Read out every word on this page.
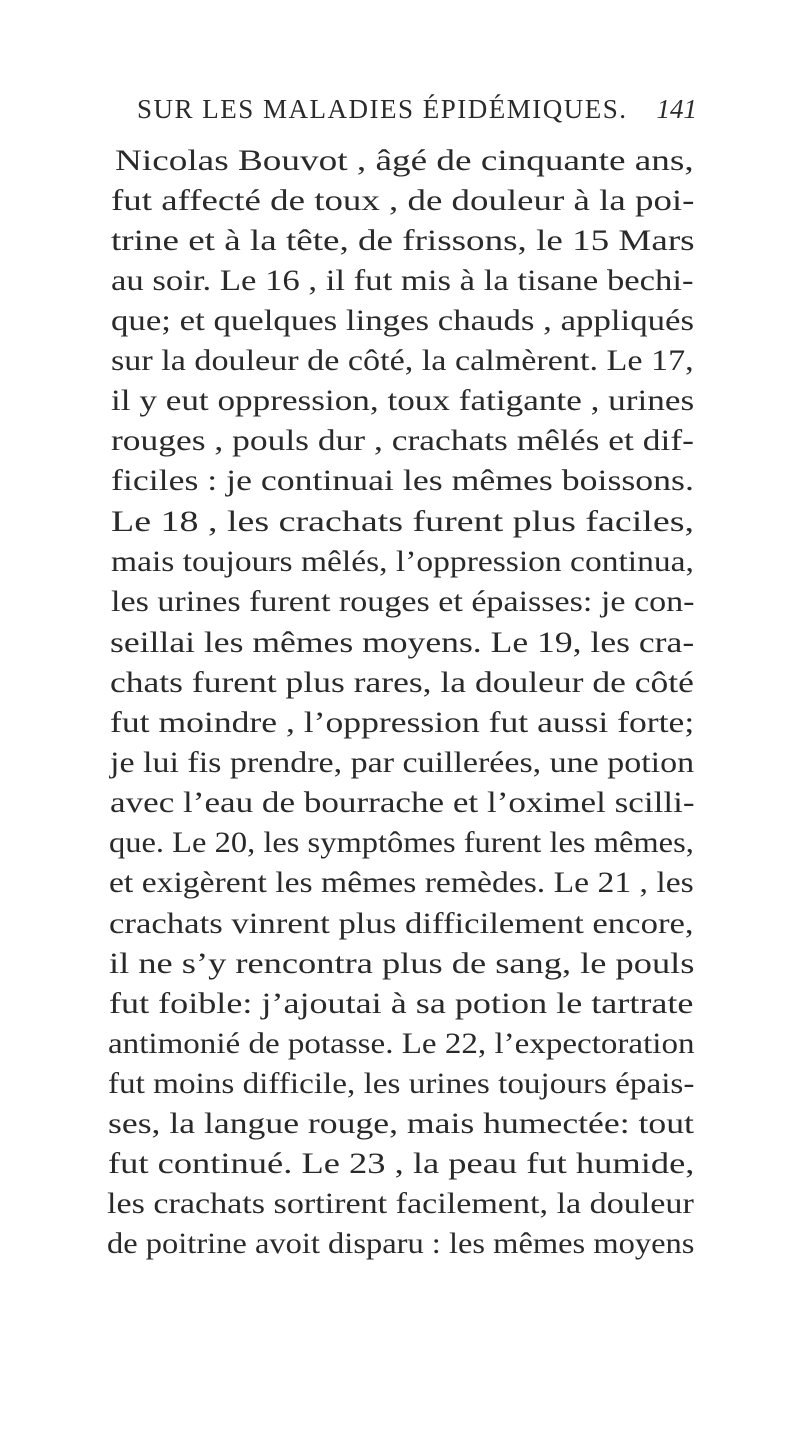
SUR LES MALADIES ÉPIDÉMIQUES. 141
Nicolas Bouvot , âgé de cinquante ans,
fut affecté de toux , de douleur à la poi-
trine et à la tête, de frissons, le 15 Mars
au soir. Le 16 , il fut mis à la tisane bechi-
que; et quelques linges chauds , appliqués
sur la douleur de côté, la calmèrent. Le 17,
il y eut oppression, toux fatigante , urines
rouges , pouls dur , crachats mêlés et dif-
ficiles : je continuai les mêmes boissons.
Le 18 , les crachats furent plus faciles,
mais toujours mêlés, l’oppression continua,
les urines furent rouges et épaisses: je con-
seillai les mêmes moyens. Le 19, les cra-
chats furent plus rares, la douleur de côté
fut moindre , l’oppression fut aussi forte;
je lui fis prendre, par cuillerées, une potion
avec l’eau de bourrache et l’oximel scilli-
que. Le 20, les symptômes furent les mêmes,
et exigèrent les mêmes remèdes. Le 21 , les
crachats vinrent plus difficilement encore,
il ne s’y rencontra plus de sang, le pouls
fut foible: j’ajoutai à sa potion le tartrate
antimonié de potasse. Le 22, l’expectoration
fut moins difficile, les urines toujours épais-
ses, la langue rouge, mais humectée: tout
fut continué. Le 23 , la peau fut humide,
les crachats sortirent facilement, la douleur
de poitrine avoit disparu : les mêmes moyens
